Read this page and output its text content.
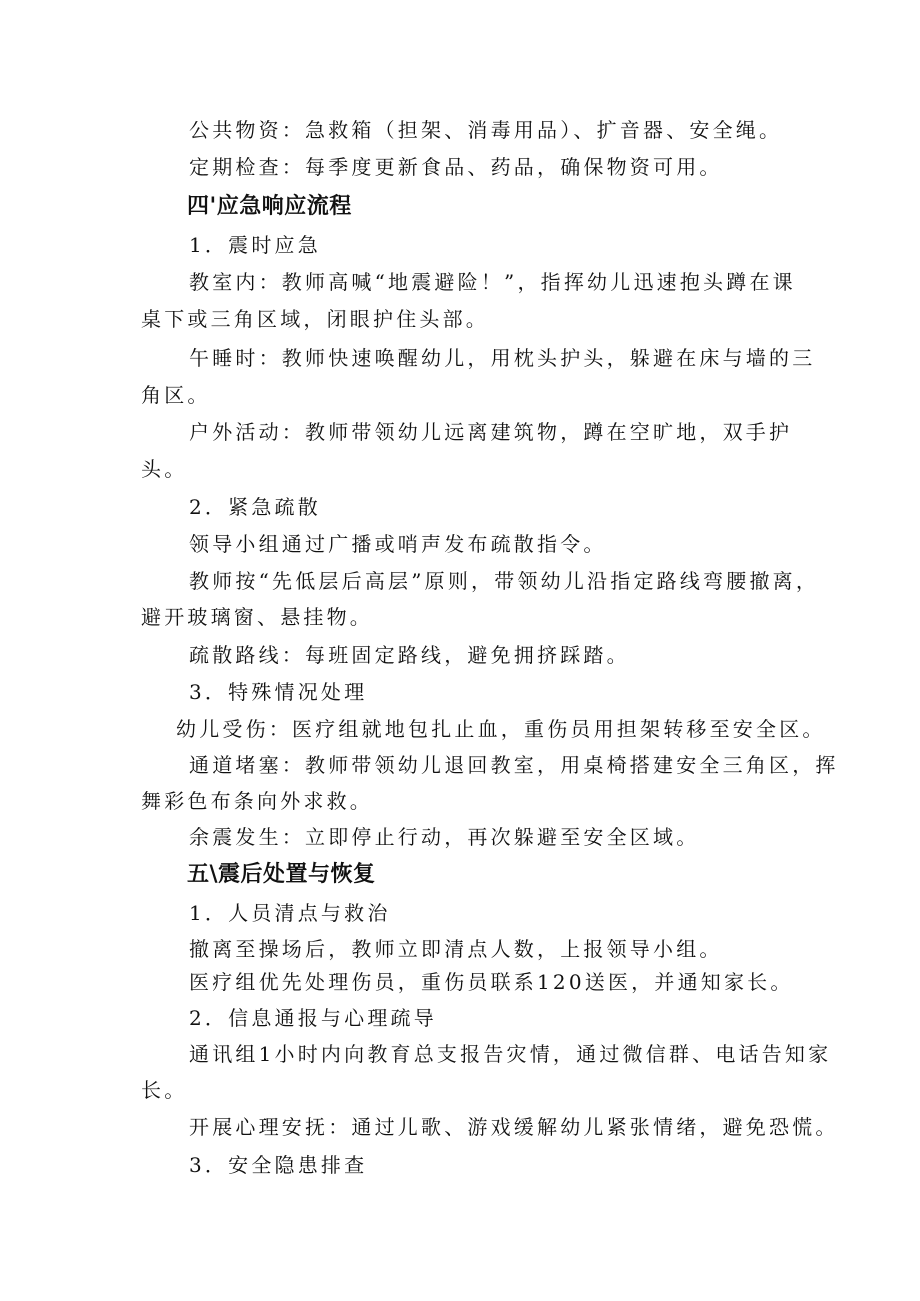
公共物资：急救箱（担架、消毒用品）、扩音器、安全绳。
定期检查：每季度更新食品、药品，确保物资可用。
四'应急响应流程
1．震时应急
教室内：教师高喊“地震避险！”，指挥幼儿迅速抱头蹲在课
桌下或三角区域，闭眼护住头部。
午睡时：教师快速唤醒幼儿，用枕头护头，躲避在床与墙的三
角区。
户外活动：教师带领幼儿远离建筑物，蹲在空旷地，双手护
头。
2．紧急疏散
领导小组通过广播或哨声发布疏散指令。
教师按“先低层后高层”原则，带领幼儿沿指定路线弯腰撤离，
避开玻璃窗、悬挂物。
疏散路线：每班固定路线，避免拥挤踩踏。
3．特殊情况处理
幼儿受伤：医疗组就地包扎止血，重伤员用担架转移至安全区。
通道堵塞：教师带领幼儿退回教室，用桌椅搭建安全三角区，挥
舞彩色布条向外求救。
余震发生：立即停止行动，再次躲避至安全区域。
五\震后处置与恢复
1．人员清点与救治
撤离至操场后，教师立即清点人数，上报领导小组。
医疗组优先处理伤员，重伤员联系120送医，并通知家长。
2．信息通报与心理疏导
通讯组1小时内向教育总支报告灾情，通过微信群、电话告知家
长。
开展心理安抚：通过儿歌、游戏缓解幼儿紧张情绪，避免恐慌。
3．安全隐患排查
